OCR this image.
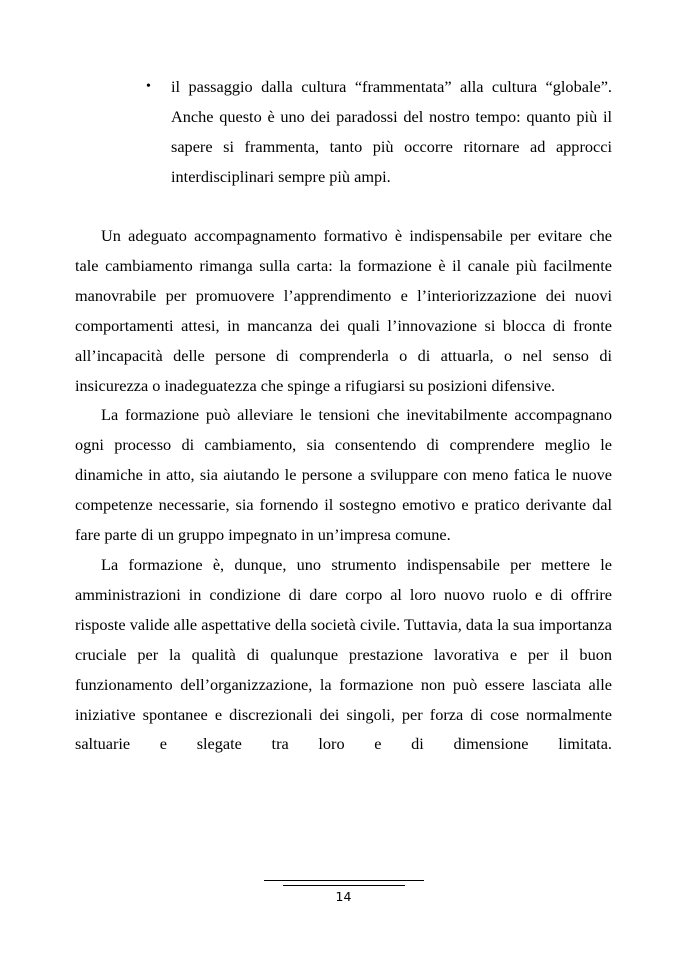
• il passaggio dalla cultura “frammentata” alla cultura “globale”. Anche questo è uno dei paradossi del nostro tempo: quanto più il sapere si frammenta, tanto più occorre ritornare ad approcci interdisciplinari sempre più ampi.

Un adeguato accompagnamento formativo è indispensabile per evitare che tale cambiamento rimanga sulla carta: la formazione è il canale più facilmente manovrabile per promuovere l’apprendimento e l’interiorizzazione dei nuovi comportamenti attesi, in mancanza dei quali l’innovazione si blocca di fronte all’incapacità delle persone di comprenderla o di attuarla, o nel senso di insicurezza o inadeguatezza che spinge a rifugiarsi su posizioni difensive.

La formazione può alleviare le tensioni che inevitabilmente accompagnano ogni processo di cambiamento, sia consentendo di comprendere meglio le dinamiche in atto, sia aiutando le persone a sviluppare con meno fatica le nuove competenze necessarie, sia fornendo il sostegno emotivo e pratico derivante dal fare parte di un gruppo impegnato in un’impresa comune.

La formazione è, dunque, uno strumento indispensabile per mettere le amministrazioni in condizione di dare corpo al loro nuovo ruolo e di offrire risposte valide alle aspettative della società civile. Tuttavia, data la sua importanza cruciale per la qualità di qualunque prestazione lavorativa e per il buon funzionamento dell’organizzazione, la formazione non può essere lasciata alle iniziative spontanee e discrezionali dei singoli, per forza di cose normalmente saltuarie e slegate tra loro e di dimensione limitata.

14
